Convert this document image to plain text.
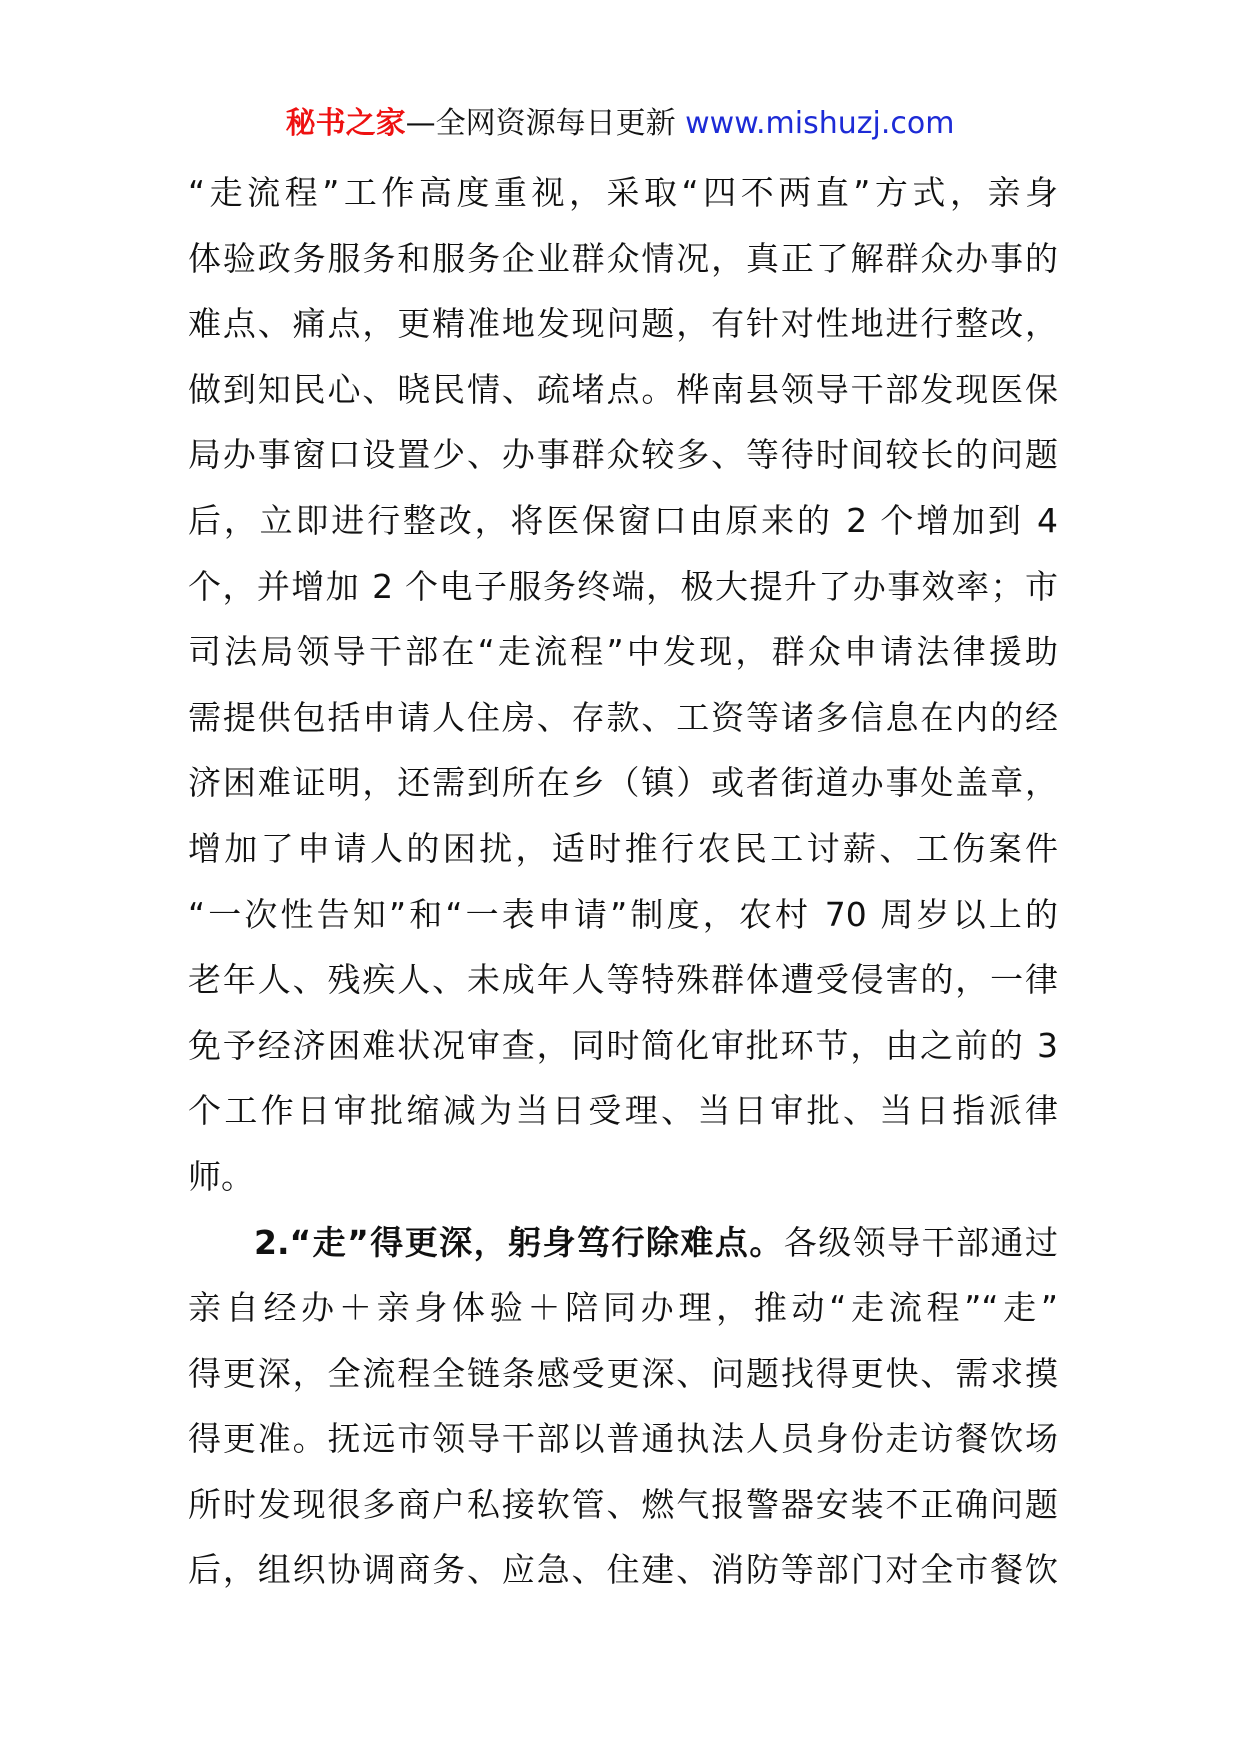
秘书之家—全网资源每日更新 www.mishuzj.com
“走流程”工作高度重视，采取“四不两直”方式，亲身
体验政务服务和服务企业群众情况，真正了解群众办事的
难点、痛点，更精准地发现问题，有针对性地进行整改，
做到知民心、晓民情、疏堵点。桦南县领导干部发现医保
局办事窗口设置少、办事群众较多、等待时间较长的问题
后，立即进行整改，将医保窗口由原来的 2 个增加到 4
个，并增加 2 个电子服务终端，极大提升了办事效率；市
司法局领导干部在“走流程”中发现，群众申请法律援助
需提供包括申请人住房、存款、工资等诸多信息在内的经
济困难证明，还需到所在乡（镇）或者街道办事处盖章，
增加了申请人的困扰，适时推行农民工讨薪、工伤案件
“一次性告知”和“一表申请”制度，农村 70 周岁以上的
老年人、残疾人、未成年人等特殊群体遭受侵害的，一律
免予经济困难状况审查，同时简化审批环节，由之前的 3
个工作日审批缩减为当日受理、当日审批、当日指派律
师。
2.“走”得更深，躬身笃行除难点。各级领导干部通过
亲自经办＋亲身体验＋陪同办理，推动“走流程”“走”
得更深，全流程全链条感受更深、问题找得更快、需求摸
得更准。抚远市领导干部以普通执法人员身份走访餐饮场
所时发现很多商户私接软管、燃气报警器安装不正确问题
后，组织协调商务、应急、住建、消防等部门对全市餐饮
